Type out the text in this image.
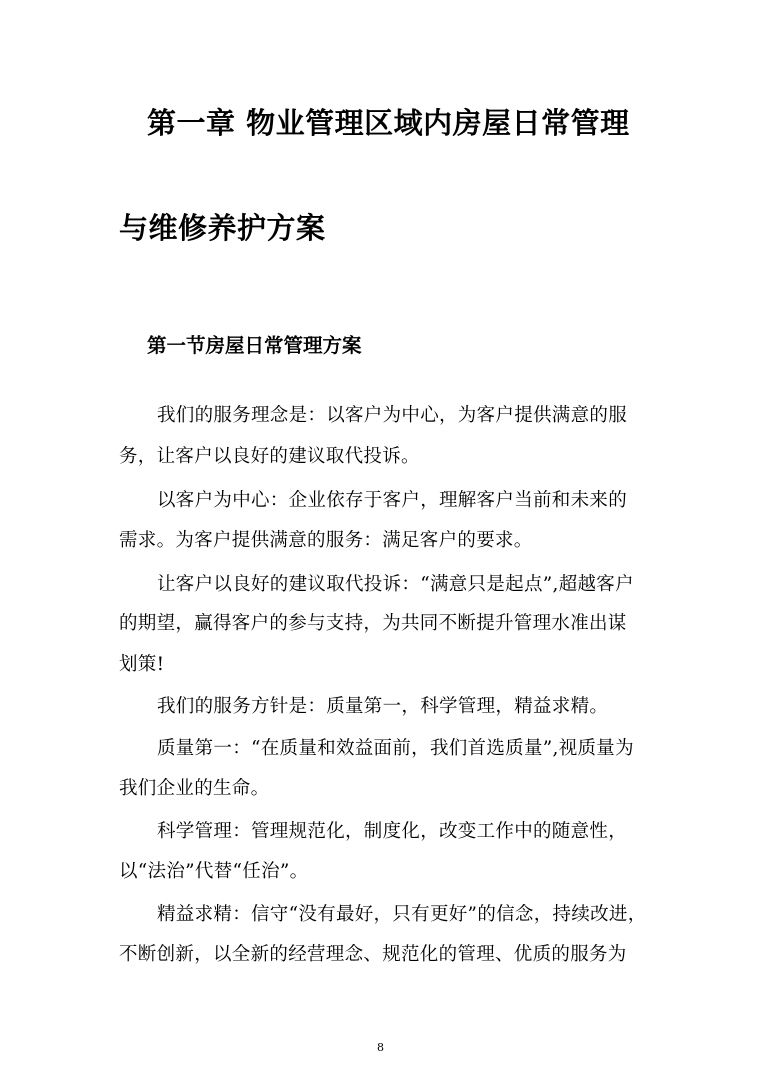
第一章 物业管理区域内房屋日常管理
与维修养护方案
第一节房屋日常管理方案

我们的服务理念是：以客户为中心，为客户提供满意的服

务，让客户以良好的建议取代投诉。

以客户为中心：企业依存于客户，理解客户当前和未来的

需求。为客户提供满意的服务：满足客户的要求。

让客户以良好的建议取代投诉：“满意只是起点”,超越客户

的期望，赢得客户的参与支持，为共同不断提升管理水准出谋

划策!

我们的服务方针是：质量第一，科学管理，精益求精。

质量第一：“在质量和效益面前，我们首选质量”,视质量为

我们企业的生命。

科学管理：管理规范化，制度化，改变工作中的随意性，

以“法治”代替“任治”。

精益求精：信守“没有最好，只有更好”的信念，持续改进，

不断创新，以全新的经营理念、规范化的管理、优质的服务为

8
